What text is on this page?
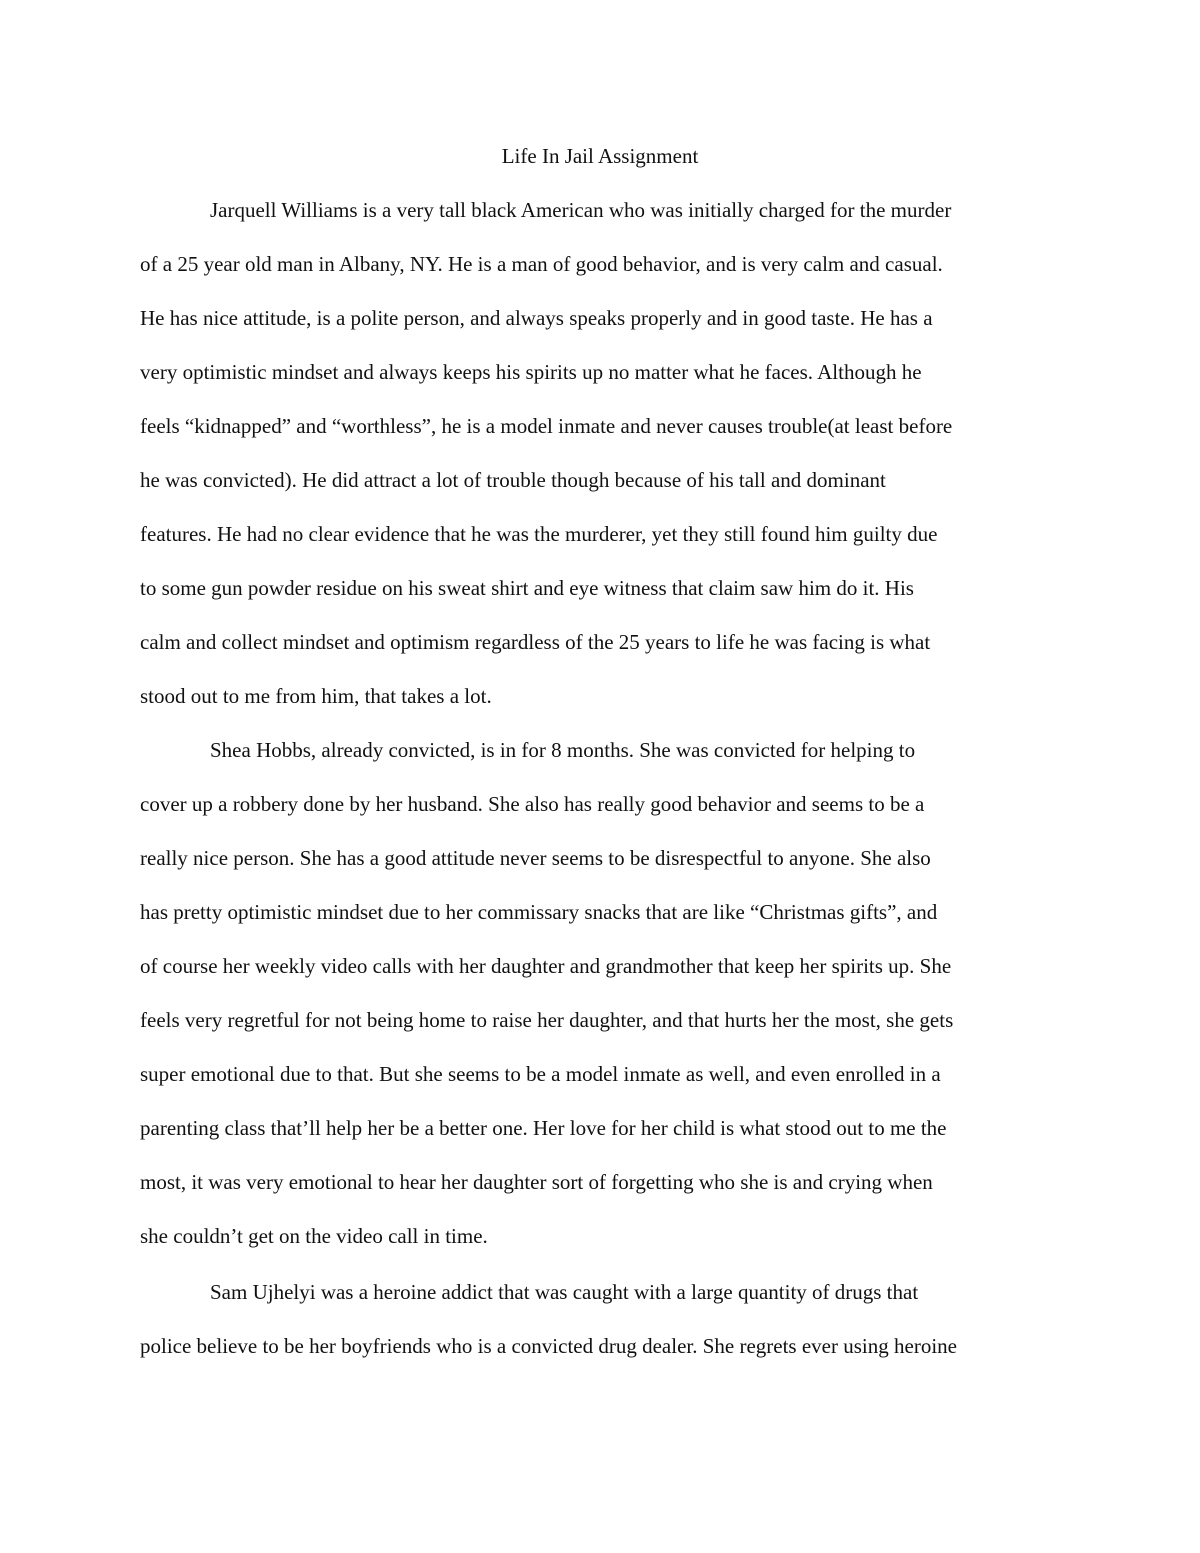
Life In Jail Assignment
Jarquell Williams is a very tall black American who was initially charged for the murder
of a 25 year old man in Albany, NY. He is a man of good behavior, and is very calm and casual.
He has nice attitude, is a polite person, and always speaks properly and in good taste. He has a
very optimistic mindset and always keeps his spirits up no matter what he faces. Although he
feels “kidnapped” and “worthless”, he is a model inmate and never causes trouble(at least before
he was convicted). He did attract a lot of trouble though because of his tall and dominant
features. He had no clear evidence that he was the murderer, yet they still found him guilty due
to some gun powder residue on his sweat shirt and eye witness that claim saw him do it. His
calm and collect mindset and optimism regardless of the 25 years to life he was facing is what
stood out to me from him, that takes a lot.
Shea Hobbs, already convicted, is in for 8 months. She was convicted for helping to
cover up a robbery done by her husband. She also has really good behavior and seems to be a
really nice person. She has a good attitude never seems to be disrespectful to anyone. She also
has pretty optimistic mindset due to her commissary snacks that are like “Christmas gifts”, and
of course her weekly video calls with her daughter and grandmother that keep her spirits up. She
feels very regretful for not being home to raise her daughter, and that hurts her the most, she gets
super emotional due to that. But she seems to be a model inmate as well, and even enrolled in a
parenting class that’ll help her be a better one. Her love for her child is what stood out to me the
most, it was very emotional to hear her daughter sort of forgetting who she is and crying when
she couldn’t get on the video call in time.
Sam Ujhelyi was a heroine addict that was caught with a large quantity of drugs that
police believe to be her boyfriends who is a convicted drug dealer. She regrets ever using heroine
